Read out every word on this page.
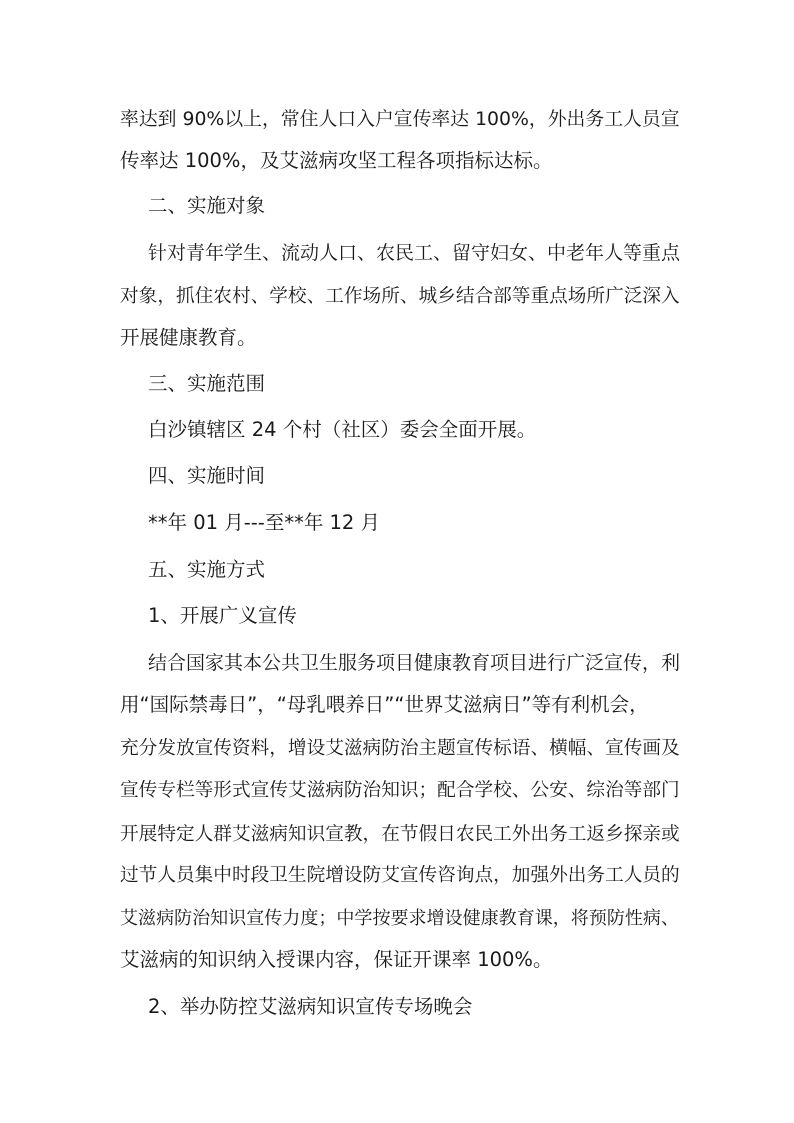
率达到 90%以上，常住人口入户宣传率达 100%，外出务工人员宣
传率达 100%，及艾滋病攻坚工程各项指标达标。
二、实施对象
针对青年学生、流动人口、农民工、留守妇女、中老年人等重点
对象，抓住农村、学校、工作场所、城乡结合部等重点场所广泛深入
开展健康教育。
三、实施范围
白沙镇辖区 24 个村（社区）委会全面开展。
四、实施时间
**年 01 月---至**年 12 月
五、实施方式
1、开展广义宣传
结合国家其本公共卫生服务项目健康教育项目进行广泛宣传，利
用“国际禁毒日”，“母乳喂养日”“世界艾滋病日”等有利机会，
充分发放宣传资料，增设艾滋病防治主题宣传标语、横幅、宣传画及
宣传专栏等形式宣传艾滋病防治知识；配合学校、公安、综治等部门
开展特定人群艾滋病知识宣教，在节假日农民工外出务工返乡探亲或
过节人员集中时段卫生院增设防艾宣传咨询点，加强外出务工人员的
艾滋病防治知识宣传力度；中学按要求增设健康教育课，将预防性病、
艾滋病的知识纳入授课内容，保证开课率 100%。
2、举办防控艾滋病知识宣传专场晚会
